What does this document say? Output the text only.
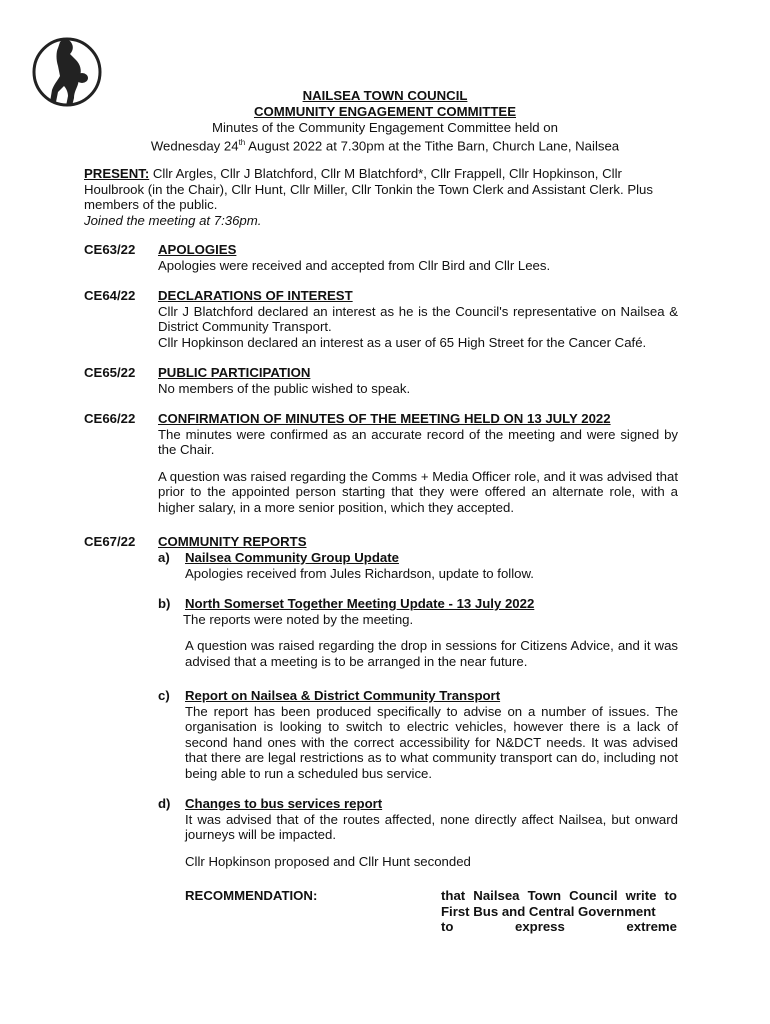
NAILSEA TOWN COUNCIL
COMMUNITY ENGAGEMENT COMMITTEE
Minutes of the Community Engagement Committee held on
Wednesday 24th August 2022 at 7.30pm at the Tithe Barn, Church Lane, Nailsea

PRESENT: Cllr Argles, Cllr J Blatchford, Cllr M Blatchford*, Cllr Frappell, Cllr Hopkinson, Cllr Houlbrook (in the Chair), Cllr Hunt, Cllr Miller, Cllr Tonkin the Town Clerk and Assistant Clerk. Plus members of the public.

Joined the meeting at 7:36pm.

CE63/22 APOLOGIES

Apologies were received and accepted from Cllr Bird and Cllr Lees.

CE64/22 DECLARATIONS OF INTEREST

Cllr J Blatchford declared an interest as he is the Council's representative on Nailsea & District Community Transport.

Cllr Hopkinson declared an interest as a user of 65 High Street for the Cancer Café.

CE65/22 PUBLIC PARTICIPATION

No members of the public wished to speak.

CE66/22 CONFIRMATION OF MINUTES OF THE MEETING HELD ON 13 JULY 2022

The minutes were confirmed as an accurate record of the meeting and were signed by the Chair.

A question was raised regarding the Comms + Media Officer role, and it was advised that prior to the appointed person starting that they were offered an alternate role, with a higher salary, in a more senior position, which they accepted.

CE67/22 COMMUNITY REPORTS
a) Nailsea Community Group Update

Apologies received from Jules Richardson, update to follow.

b) North Somerset Together Meeting Update - 13 July 2022

The reports were noted by the meeting.

A question was raised regarding the drop in sessions for Citizens Advice, and it was advised that a meeting is to be arranged in the near future.

c) Report on Nailsea & District Community Transport

The report has been produced specifically to advise on a number of issues. The organisation is looking to switch to electric vehicles, however there is a lack of second hand ones with the correct accessibility for N&DCT needs. It was advised that there are legal restrictions as to what community transport can do, including not being able to run a scheduled bus service.

d) Changes to bus services report

It was advised that of the routes affected, none directly affect Nailsea, but onward journeys will be impacted.

Cllr Hopkinson proposed and Cllr Hunt seconded

RECOMMENDATION:	that Nailsea Town Council write to First Bus and Central Government
to express extreme
